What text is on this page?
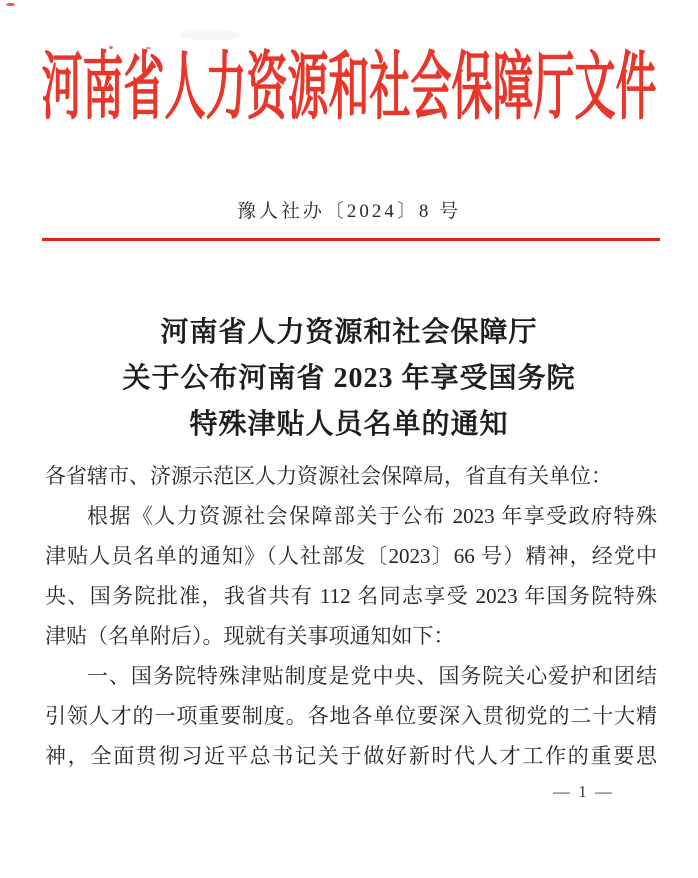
河南省人力资源和社会保障厅文件
豫人社办〔2024〕8 号
河南省人力资源和社会保障厅
关于公布河南省 2023 年享受国务院
特殊津贴人员名单的通知
各省辖市、济源示范区人力资源社会保障局，省直有关单位：
根据《人力资源社会保障部关于公布 2023 年享受政府特殊
津贴人员名单的通知》（人社部发〔2023〕66 号）精神，经党中
央、国务院批准，我省共有 112 名同志享受 2023 年国务院特殊
津贴（名单附后）。现就有关事项通知如下：
一、国务院特殊津贴制度是党中央、国务院关心爱护和团结
引领人才的一项重要制度。各地各单位要深入贯彻党的二十大精
神，全面贯彻习近平总书记关于做好新时代人才工作的重要思
— 1 —
